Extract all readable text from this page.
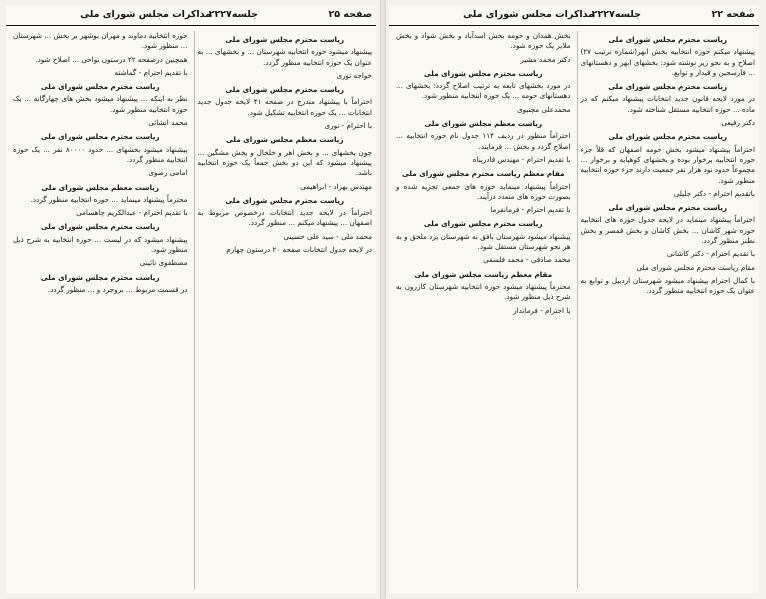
صفحه ۲۵
جلسه۲۲۲۷
مذاکرات مجلس شورای ملی

ریاست محترم مجلس شورای ملی

پیشنهاد میشود حوزه انتخابیه شهرستان ... و بخشهای ... به عنوان یک حوزه انتخابیه منظور گردد.

خواجه نوری

ریاست محترم مجلس شورای ملی

احتراماً با پیشنهاد مندرج در صفحه ۴۱ لایحه جدول جدید انتخابات ... یک حوزه انتخابیه تشکیل شود.

با احترام - نوری

ریاست معظم مجلس شورای ملی

چون بخشهای ... و بخش اهر و خلخال و بخش مشگین ... پیشنهاد میشود که این دو بخش جمعاً یک حوزه انتخابیه باشد.

مهندس بهزاد - ابراهیمی

ریاست محترم مجلس شورای ملی

احتراماً در لایحه جدید انتخابات درخصوص مربوط به اصفهان ... پیشنهاد میکنم ... منظور گردد.

محمد ملی - سید علی حسینی

در لایحه جدول انتخابات صفحه ۲۰ درستون چهارم

حوزه انتخابیه دماوند و مهران بوشهر بر بخش ... شهرستان ... منظور شود.

همچنین درصفحه ۲۲ درستون نواحی ... اصلاح شود.

با تقدیم احترام - گماشته

ریاست محترم مجلس شورای ملی

نظر به اینکه ... پیشنهاد میشود بخش های چهارگانه ... یک حوزه انتخابیه منظور شود.

محمد انشائی

ریاست محترم مجلس شورای ملی

پیشنهاد میشود بخشهای ... حدود ۸۰۰۰۰ نفر ... یک حوزه انتخابیه منظور گردد.

امامی رضوی

ریاست معظم مجلس شورای ملی

محترماً پیشنهاد مینماید ... حوزه انتخابیه منظور گردد.

با تقدیم احترام - عبدالکریم چاهسامی

ریاست محترم مجلس شورای ملی

پیشنهاد میشود که در لیست ... حوزه انتخابیه به شرح ذیل منظور شود.

مصطفوی نائینی

ریاست محترم مجلس شورای ملی

در قسمت مربوط ... بروجرد و ... منظور گردد.

صفحه ۲۲
جلسه۲۲۲۷
مذاکرات مجلس شورای ملی

ریاست محترم مجلس شورای ملی

پیشنهاد میکنم حوزه انتخابیه بخش ابهر(شماره ترتیب ۲۷) اصلاح و به نحو زیر نوشته شود: بخشهای ابهر و دهستانهای ... فارسجین و قیدار و توابع.

ریاست محترم مجلس شورای ملی

در مورد لایحه قانون جدید انتخابات پیشنهاد میکنم که در ماده ... حوزه انتخابیه مستقل شناخته شود.

دکتر رفیعی

ریاست محترم مجلس شورای ملی

احتراماً پیشنهاد میشود بخش حومه اصفهان که قلاً جزء حوزه انتخابیه برخوار بوده و بخشهای کوهپایه و برخوار ... مجموعاً حدود نود هزار نفر جمعیت دارند جزء حوزه انتخابیه منظور شود.

باتقدیم احترام - دکتر جلیلی

ریاست محترم مجلس شورای ملی

احتراماً پیشنهاد مینماید در لایحه جدول حوزه های انتخابیه حوزه شهر کاشان ... بخش کاشان و بخش قمصر و بخش نطنز منظور گردد.

با تقدیم احترام - دکتر کاشانی

مقام ریاست محترم مجلس شورای ملی

با کمال احترام پیشنهاد میشود شهرستان اردبیل و توابع به عنوان یک حوزه انتخابیه منظور گردد.

بخش همدان و حومه بخش اسدآباد و بخش شواد و بخش ملایر یک حوزه شود.

دکتر محمد مشیر

ریاست محترم مجلس شورای ملی

در مورد بخشهای تابعه به ترتیب اصلاح گردد: بخشهای ... دهستانهای حومه ... یک حوزه انتخابیه منظور شود.

محمدعلی مجتبوی

ریاست معظم مجلس شورای ملی

احتراماً منظور در ردیف ۱۱۴ جدول نام حوزه انتخابیه ... اصلاح گردد و بخش ... فرمایند.

با تقدیم احترام - مهندس قادرپناه

مقام معظم ریاست محترم مجلس شورای ملی

احتراماً پیشنهاد مینماید حوزه های جمعی تجزیه شده و بصورت حوزه های متعدد درآیند.

با تقدیم احترام - فرمانفرما

ریاست محترم مجلس شورای ملی

پیشنهاد میشود شهرستان بافق به شهرستان یزد ملحق و به هر نحو شهرستان مستقل شود.

محمد صادقی - محمد فلسفی

مقام معظم ریاست مجلس شورای ملی

محترماً پیشنهاد میشود حوزه انتخابیه شهرستان کازرون به شرح ذیل منظور شود.

با احترام - فرماندار
